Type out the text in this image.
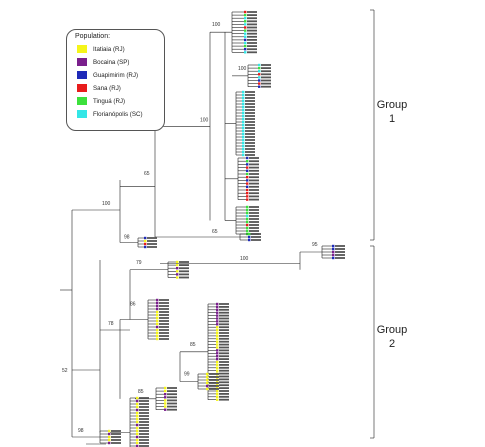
100
100
100
65
65
98
100
95
79
86
85
99
85
78
100
52
98
Population:
Itatiaia (RJ)
Bocaina (SP)
Guapimirim (RJ)
Sana (RJ)
Tinguá (RJ)
Florianópolis (SC)
Group
1
Group
2
